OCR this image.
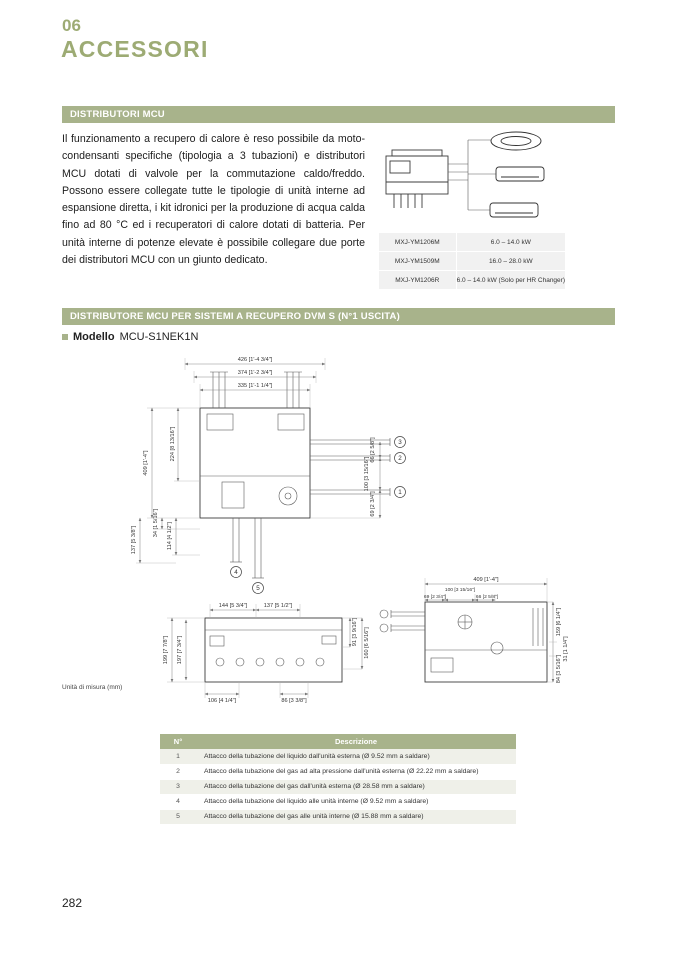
06
ACCESSORI
DISTRIBUTORI MCU

Il funzionamento a recupero di calore è reso possibile da moto-condensanti specifiche (tipologia a 3 tubazioni) e distributori MCU dotati di valvole per la commutazione caldo/freddo. Possono essere collegate tutte le tipologie di unità interne ad espansione diretta, i kit idronici per la produzione di acqua calda fino ad 80 °C ed i recuperatori di calore dotati di batteria. Per unità interne di potenze elevate è possibile collegare due porte dei distributori MCU con un giunto dedicato.

MXJ-YM1206M	6.0 – 14.0 kW
MXJ-YM1509M	16.0 – 28.0 kW
MXJ-YM1206R	6.0 – 14.0 kW (Solo per HR Changer)
DISTRIBUTORE MCU PER SISTEMI A RECUPERO DVM S (N°1 USCITA)
Modello MCU-S1NEK1N
426 [1'-4 3/4"]
374 [1'-2 3/4"]
335 [1'-1 1/4"]
409 [1'-4"]
224 [8 13/16"]
137 [5 3/8"]
34 [1 5/16"] 114 [4 1/2"]
66 [2 5/8"]
100 [3 15/16"]
69 [2 3/4"]
3
2
1
4
5
144 [5 3/4"]	137 [5 1/2"]
199 [7 7/8"] 197 [7 3/4"]
106 [4 1/4"]	86 [3 3/8"]
91 [3 9/16"] 160 [6 5/16"]
409 [1'-4"]
69 [2 3/4"]
100 [3 15/16"]
66 [2 5/8"]
159 [6 1/4"]
31 [1 1/4"]
84 [3 5/16"]
Unità di misura (mm)
N°	Descrizione
1	Attacco della tubazione del liquido dall'unità esterna (Ø 9.52 mm a saldare)
2	Attacco della tubazione del gas ad alta pressione dall'unità esterna (Ø 22.22 mm a saldare)
3	Attacco della tubazione del gas dall'unità esterna (Ø 28.58 mm a saldare)
4	Attacco della tubazione del liquido alle unità interne (Ø 9.52 mm a saldare)
5	Attacco della tubazione del gas alle unità interne (Ø 15.88 mm a saldare)
282
